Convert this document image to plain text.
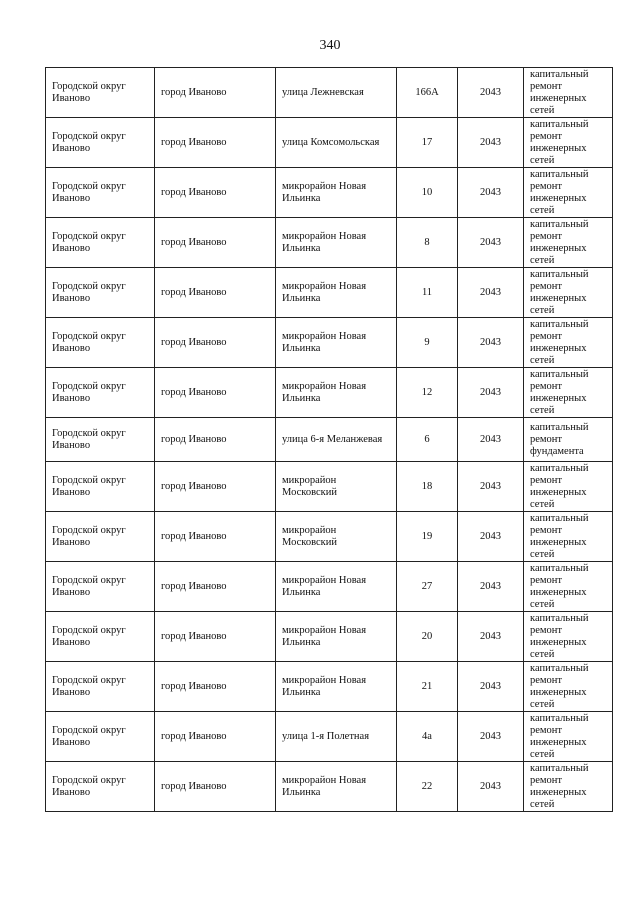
340
Городской округ Иваново	город Иваново	улица Лежневская	166А	2043	капитальный ремонт инженерных сетей
Городской округ Иваново	город Иваново	улица Комсомольская	17	2043	капитальный ремонт инженерных сетей
Городской округ Иваново	город Иваново	микрорайон Новая Ильинка	10	2043	капитальный ремонт инженерных сетей
Городской округ Иваново	город Иваново	микрорайон Новая Ильинка	8	2043	капитальный ремонт инженерных сетей
Городской округ Иваново	город Иваново	микрорайон Новая Ильинка	11	2043	капитальный ремонт инженерных сетей
Городской округ Иваново	город Иваново	микрорайон Новая Ильинка	9	2043	капитальный ремонт инженерных сетей
Городской округ Иваново	город Иваново	микрорайон Новая Ильинка	12	2043	капитальный ремонт инженерных сетей
Городской округ Иваново	город Иваново	улица 6-я Меланжевая	6	2043	капитальный ремонт фундамента
Городской округ Иваново	город Иваново	микрорайон Московский	18	2043	капитальный ремонт инженерных сетей
Городской округ Иваново	город Иваново	микрорайон Московский	19	2043	капитальный ремонт инженерных сетей
Городской округ Иваново	город Иваново	микрорайон Новая Ильинка	27	2043	капитальный ремонт инженерных сетей
Городской округ Иваново	город Иваново	микрорайон Новая Ильинка	20	2043	капитальный ремонт инженерных сетей
Городской округ Иваново	город Иваново	микрорайон Новая Ильинка	21	2043	капитальный ремонт инженерных сетей
Городской округ Иваново	город Иваново	улица 1-я Полетная	4а	2043	капитальный ремонт инженерных сетей
Городской округ Иваново	город Иваново	микрорайон Новая Ильинка	22	2043	капитальный ремонт инженерных сетей
